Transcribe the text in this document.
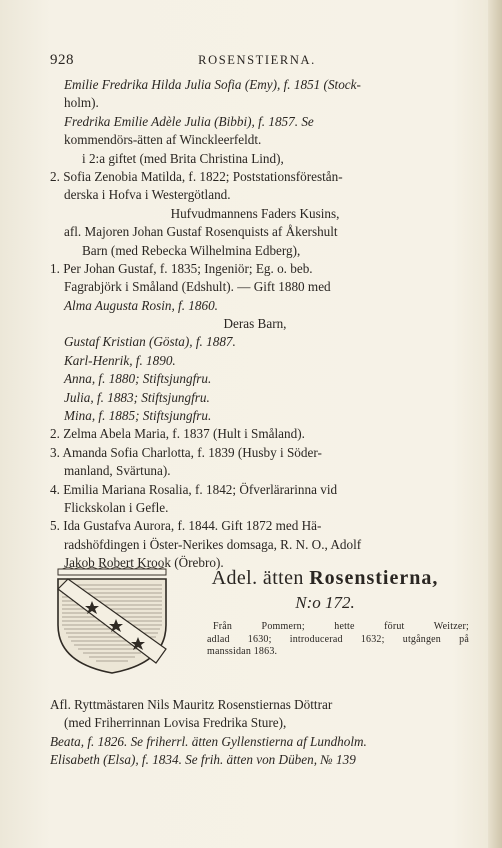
928	ROSENSTIERNA.
Emilie Fredrika Hilda Julia Sofia (Emy), f. 1851 (Stock-
holm).
Fredrika Emilie Adèle Julia (Bibbi), f. 1857. Se
kommendörs-ätten af Winckleerfeldt.
i 2:a giftet (med Brita Christina Lind),
2. Sofia Zenobia Matilda, f. 1822; Poststationsförestån-
derska i Hofva i Westergötland.
Hufvudmannens Faders Kusins,
afl. Majoren Johan Gustaf Rosenquists af Åkershult
Barn (med Rebecka Wilhelmina Edberg),
1. Per Johan Gustaf, f. 1835; Ingeniör; Eg. o. beb.
Fagrabjörk i Småland (Edshult). — Gift 1880 med
Alma Augusta Rosin, f. 1860.
Deras Barn,
Gustaf Kristian (Gösta), f. 1887.
Karl-Henrik, f. 1890.
Anna, f. 1880; Stiftsjungfru.
Julia, f. 1883; Stiftsjungfru.
Mina, f. 1885; Stiftsjungfru.
2. Zelma Abela Maria, f. 1837 (Hult i Småland).
3. Amanda Sofia Charlotta, f. 1839 (Husby i Söder-
manland, Svärtuna).
4. Emilia Mariana Rosalia, f. 1842; Öfverlärarinna vid
Flickskolan i Gefle.
5. Ida Gustafva Aurora, f. 1844. Gift 1872 med Hä-
radshöfdingen i Öster-Nerikes domsaga, R. N. O., Adolf
Jakob Robert Krook (Örebro).
Adel. ätten Rosenstierna,
N:o 172.
Från Pommern; hette förut Weitzer;
adlad 1630; introducerad 1632; utgången på
manssidan 1863.
Afl. Ryttmästaren Nils Mauritz Rosenstiernas Döttrar
(med Friherrinnan Lovisa Fredrika Sture),
Beata, f. 1826. Se friherrl. ätten Gyllenstierna af Lundholm.
Elisabeth (Elsa), f. 1834. Se frih. ätten von Düben, № 139
